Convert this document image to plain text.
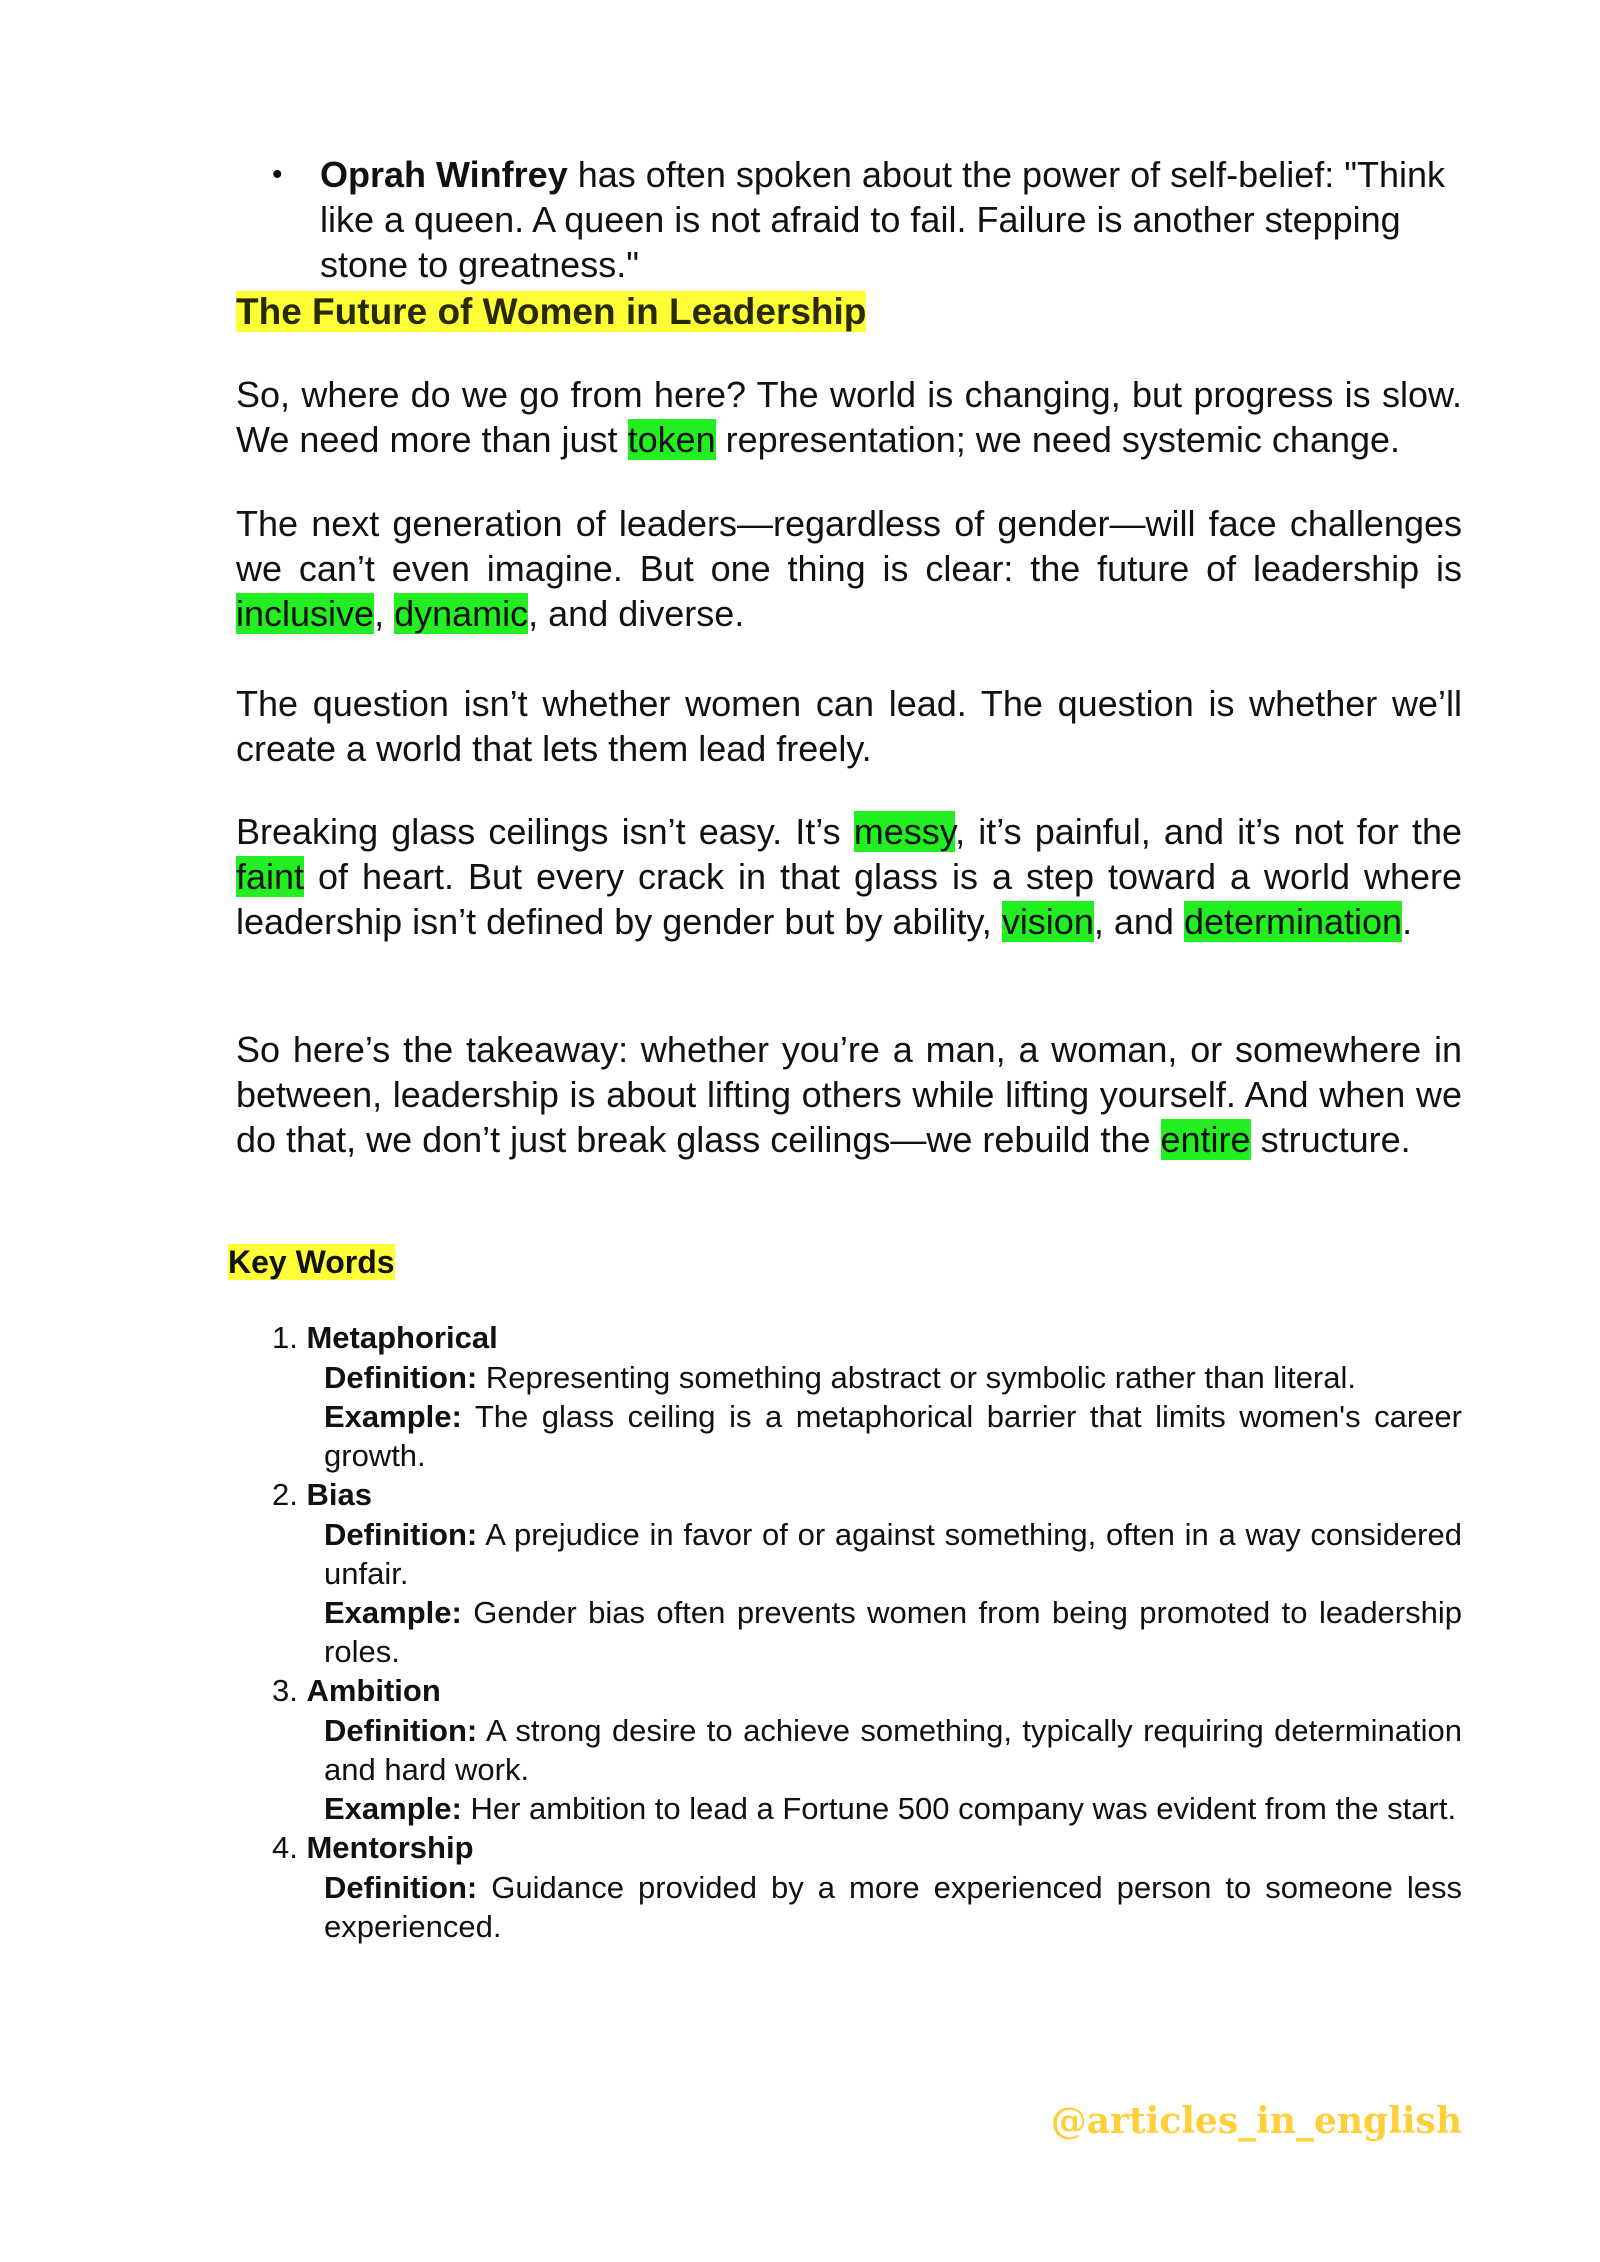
• Oprah Winfrey has often spoken about the power of self-belief: "Think like a queen. A queen is not afraid to fail. Failure is another stepping stone to greatness."
The Future of Women in Leadership
So, where do we go from here? The world is changing, but progress is slow. We need more than just token representation; we need systemic change.
The next generation of leaders—regardless of gender—will face challenges we can’t even imagine. But one thing is clear: the future of leadership is inclusive, dynamic, and diverse.
The question isn’t whether women can lead. The question is whether we’ll create a world that lets them lead freely.
Breaking glass ceilings isn’t easy. It’s messy, it’s painful, and it’s not for the faint of heart. But every crack in that glass is a step toward a world where leadership isn’t defined by gender but by ability, vision, and determination.
So here’s the takeaway: whether you’re a man, a woman, or somewhere in between, leadership is about lifting others while lifting yourself. And when we do that, we don’t just break glass ceilings—we rebuild the entire structure.
Key Words
1. Metaphorical
Definition: Representing something abstract or symbolic rather than literal.
Example: The glass ceiling is a metaphorical barrier that limits women's career growth.
2. Bias
Definition: A prejudice in favor of or against something, often in a way considered unfair.
Example: Gender bias often prevents women from being promoted to leadership roles.
3. Ambition
Definition: A strong desire to achieve something, typically requiring determination and hard work.
Example: Her ambition to lead a Fortune 500 company was evident from the start.
4. Mentorship
Definition: Guidance provided by a more experienced person to someone less experienced.
@articles_in_english
